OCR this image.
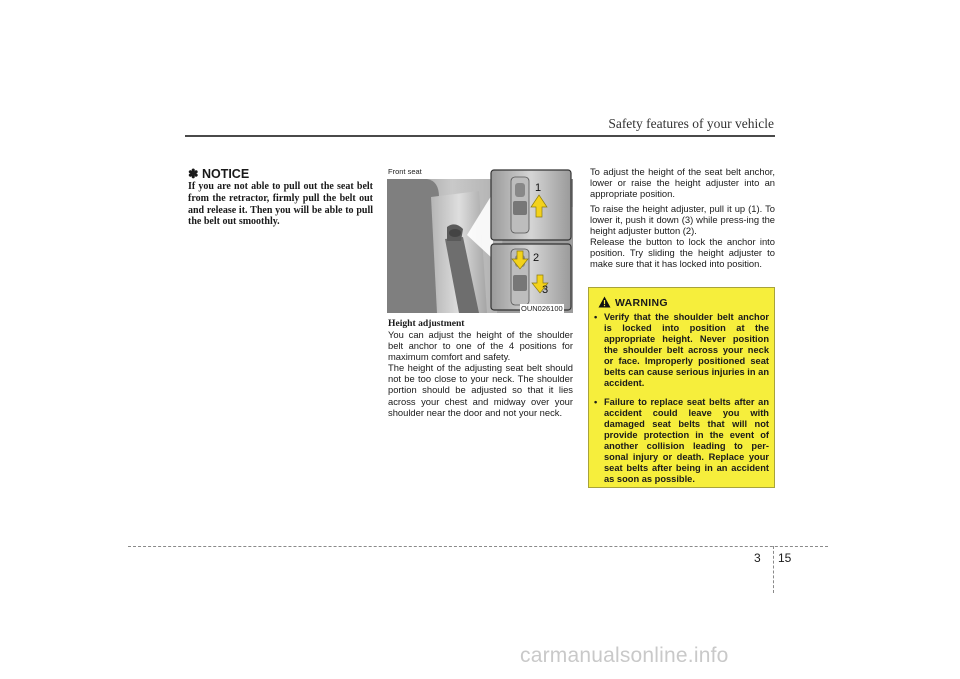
Safety features of your vehicle
✽ NOTICE
If you are not able to pull out the seat belt from the retractor, firmly pull the belt out and release it. Then you will be able to pull the belt out smoothly.
1
2
3
Front seat
OUN026100
Height adjustment
You can adjust the height of the shoulder belt anchor to one of the 4 positions for maximum comfort and safety.
The height of the adjusting seat belt should not be too close to your neck. The shoulder portion should be adjusted so that it lies across your chest and midway over your shoulder near the door and not your neck.
To adjust the height of the seat belt anchor, lower or raise the height adjuster into an appropriate position.
To raise the height adjuster, pull it up (1). To lower it, push it down (3) while press-ing the height adjuster button (2).
Release the button to lock the anchor into position. Try sliding the height adjuster to make sure that it has locked into position.
WARNING
• Verify that the shoulder belt anchor is locked into position at the appropriate height. Never position the shoulder belt across your neck or face. Improperly positioned seat belts can cause serious injuries in an accident.
• Failure to replace seat belts after an accident could leave you with damaged seat belts that will not provide protection in the event of another collision leading to per-sonal injury or death. Replace your seat belts after being in an accident as soon as possible.
3 15
carmanualsonline.info
